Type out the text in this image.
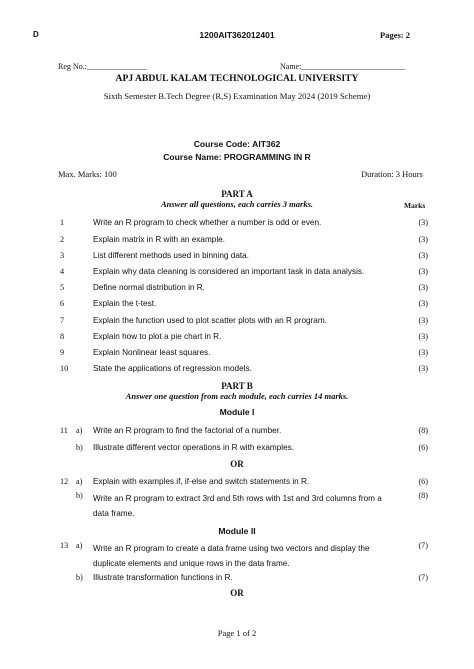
D	1200AIT362012401	Pages: 2
Reg No.:_______________	Name:__________________________
APJ ABDUL KALAM TECHNOLOGICAL UNIVERSITY
Sixth Semester B.Tech Degree (R,S) Examination May 2024 (2019 Scheme)
Course Code: AIT362
Course Name: PROGRAMMING IN R
Max. Marks: 100	Duration: 3 Hours
PART A
Answer all questions, each carries 3 marks.	Marks
1	Write an R program to check whether a number is odd or even.	(3)
2	Explain matrix in R with an example.	(3)
3	List different methods used in binning data.	(3)
4	Explain why data cleaning is considered an important task in data analysis.	(3)
5	Define normal distribution in R.	(3)
6	Explain the t-test.	(3)
7	Explain the function used to plot scatter plots with an R program.	(3)
8	Explain how to plot a pie chart in R.	(3)
9	Explain Nonlinear least squares.	(3)
10	State the applications of regression models.	(3)
PART B
Answer one question from each module, each carries 14 marks.
Module I
11 a) Write an R program to find the factorial of a number.	(8)
b) Illustrate different vector operations in R with examples.	(6)
OR
12 a) Explain with examples if, if-else and switch statements in R.	(6)
b) Write an R program to extract 3rd and 5th rows with 1st and 3rd columns from a data frame.
(8)
Module II
13 a) Write an R program to create a data frame using two vectors and display the duplicate elements and unique rows in the data frame.
(7)
b) Illustrate transformation functions in R.	(7)
OR
Page 1 of 2
